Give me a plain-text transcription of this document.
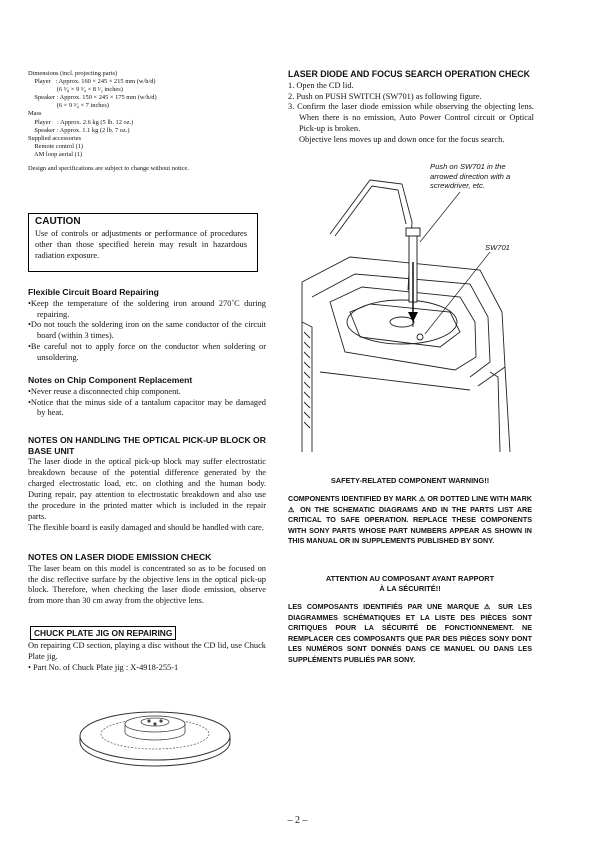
Dimensions (incl. projecting parts)
Player   : Approx. 160 × 245 × 215 mm (w/h/d)
(6 ⁵⁄₈ × 9 ³⁄₄ × 8 ¹⁄₂ inches)
Speaker : Approx. 150 × 245 × 175 mm (w/h/d)
(6 × 9 ³⁄₄ × 7 inches)
Mass
Player    : Approx. 2.6 kg (5 lb. 12 oz.)
Speaker : Approx. 1.1 kg (2 lb. 7 oz.)
Supplied accessories
Remote control (1)
AM loop aerial (1)
Design and specifications are subject to change without notice.
CAUTION
Use of controls or adjustments or performance of procedures other than those specified herein may result in hazardous radiation exposure.
Flexible Circuit Board Repairing
•Keep the temperature of the soldering iron around 270˚C during repairing.
•Do not touch the soldering iron on the same conductor of the circuit board (within 3 times).
•Be careful not to apply force on the conductor when soldering or unsoldering.
Notes on Chip Component Replacement
•Never reuse a disconnected chip component.
•Notice that the minus side of a tantalum capacitor may be damaged by heat.
NOTES ON HANDLING THE OPTICAL PICK-UP BLOCK OR BASE UNIT
The laser diode in the optical pick-up block may suffer electrostatic breakdown because of the potential difference generated by the charged electrostatic load, etc. on clothing and the human body. During repair, pay attention to electrostatic breakdown and also use the procedure in the printed matter which is included in the repair parts.
The flexible board is easily damaged and should be handled with care.
NOTES ON LASER DIODE EMISSION CHECK
The laser beam on this model is concentrated so as to be focused on the disc reflective surface by the objective lens in the optical pick-up block. Therefore, when checking the laser diode emission, observe from more than 30 cm away from the objective lens.
CHUCK PLATE JIG ON REPAIRING
On repairing CD section, playing a disc without the CD lid, use Chuck Plate jig.
• Part No. of Chuck Plate jig : X-4918-255-1
LASER DIODE AND FOCUS SEARCH OPERATION CHECK
1. Open the CD lid.
2. Push on PUSH SWITCH (SW701) as following figure.
3. Confirm the laser diode emission while observing the objecting lens. When there is no emission, Auto Power Control circuit or Optical Pick-up is broken.
Objective lens moves up and down once for the focus search.
Push on SW701 in the arrowed direction with a screwdriver, etc.
SW701
SAFETY-RELATED COMPONENT WARNING!!
COMPONENTS IDENTIFIED BY MARK ⚠ OR DOTTED LINE WITH MARK ⚠ ON THE SCHEMATIC DIAGRAMS AND IN THE PARTS LIST ARE CRITICAL TO SAFE OPERATION. REPLACE THESE COMPONENTS WITH SONY PARTS WHOSE PART NUMBERS APPEAR AS SHOWN IN THIS MANUAL OR IN SUPPLEMENTS PUBLISHED BY SONY.
ATTENTION AU COMPOSANT AYANT RAPPORT
À LA SÉCURITÉ!!
LES COMPOSANTS IDENTIFIÉS PAR UNE MARQUE ⚠ SUR LES DIAGRAMMES SCHÉMATIQUES ET LA LISTE DES PIÈCES SONT CRITIQUES POUR LA SÉCURITÉ DE FONCTIONNEMENT. NE REMPLACER CES COMPOSANTS QUE PAR DES PIÈCES SONY DONT LES NUMÉROS SONT DONNÉS DANS CE MANUEL OU DANS LES SUPPLÉMENTS PUBLIÉS PAR SONY.
– 2 –
